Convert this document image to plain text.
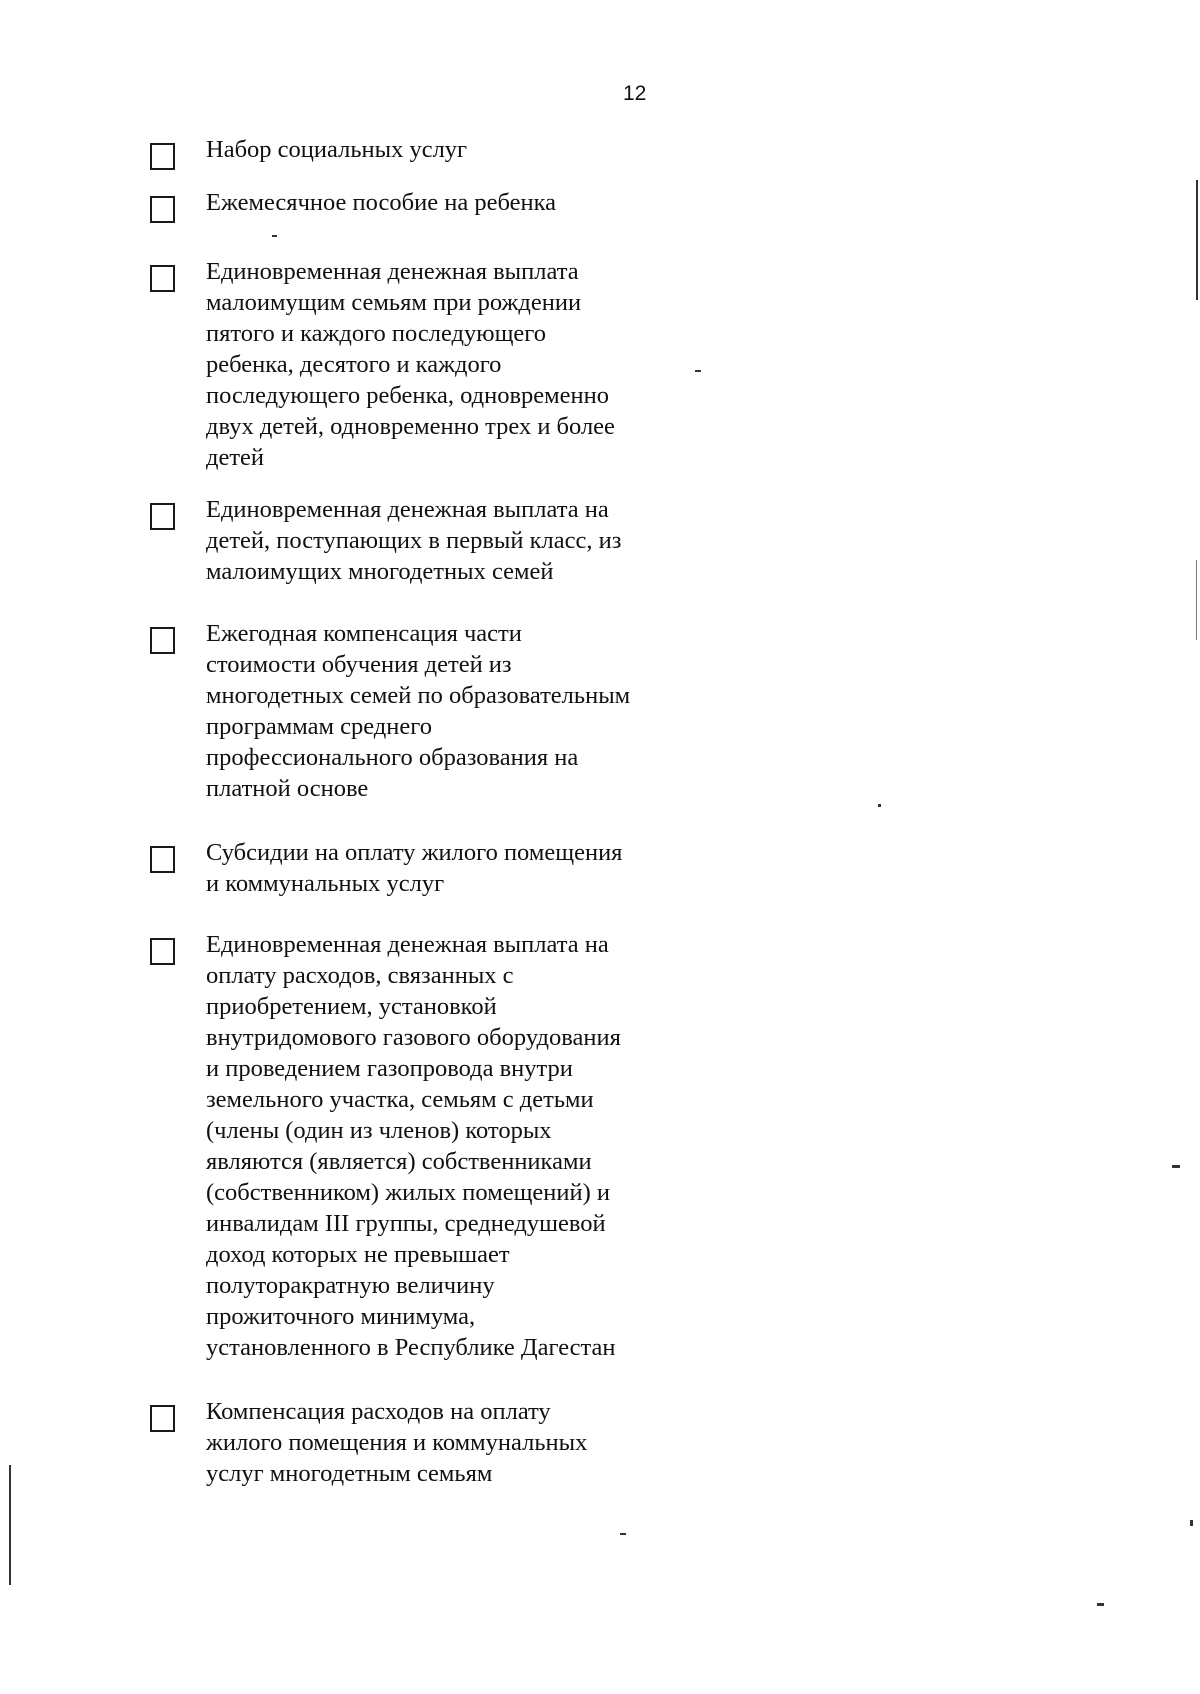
12
Набор социальных услуг
Ежемесячное пособие на ребенка
Единовременная денежная выплата
малоимущим семьям при рождении
пятого и каждого последующего
ребенка, десятого и каждого
последующего ребенка, одновременно
двух детей, одновременно трех и более
детей
Единовременная денежная выплата на
детей, поступающих в первый класс, из
малоимущих многодетных семей
Ежегодная компенсация части
стоимости обучения детей из
многодетных семей по образовательным
программам среднего
профессионального образования на
платной основе
Субсидии на оплату жилого помещения
и коммунальных услуг
Единовременная денежная выплата на
оплату расходов, связанных с
приобретением, установкой
внутридомового газового оборудования
и проведением газопровода внутри
земельного участка, семьям с детьми
(члены (один из членов) которых
являются (является) собственниками
(собственником) жилых помещений) и
инвалидам III группы, среднедушевой
доход которых не превышает
полуторакратную величину
прожиточного минимума,
установленного в Республике Дагестан
Компенсация расходов на оплату
жилого помещения и коммунальных
услуг многодетным семьям
